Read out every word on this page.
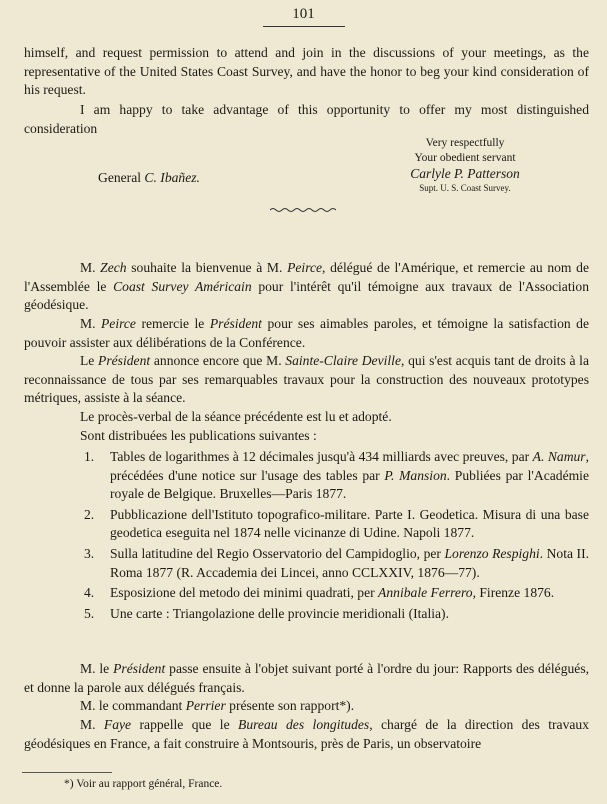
101

himself, and request permission to attend and join in the discussions of your meetings, as the representative of the United States Coast Survey, and have the honor to beg your kind consideration of his request.

I am happy to take advantage of this opportunity to offer my most distinguished consideration

Very respectfully
Your obedient servant
Carlyle P. Patterson
Supt. U. S. Coast Survey.
General C. Ibañez.

M. Zech souhaite la bienvenue à M. Peirce, délégué de l'Amérique, et remercie au nom de l'Assemblée le Coast Survey Américain pour l'intérêt qu'il témoigne aux travaux de l'Association géodésique.

M. Peirce remercie le Président pour ses aimables paroles, et témoigne la satisfaction de pouvoir assister aux délibérations de la Conférence.

Le Président annonce encore que M. Sainte-Claire Deville, qui s'est acquis tant de droits à la reconnaissance de tous par ses remarquables travaux pour la construction des nouveaux prototypes métriques, assiste à la séance.

Le procès-verbal de la séance précédente est lu et adopté.

Sont distribuées les publications suivantes :

1. Tables de logarithmes à 12 décimales jusqu'à 434 milliards avec preuves, par A. Namur, précédées d'une notice sur l'usage des tables par P. Mansion. Publiées par l'Académie royale de Belgique. Bruxelles—Paris 1877.
2. Pubblicazione dell'Istituto topografico-militare. Parte I. Geodetica. Misura di una base geodetica eseguita nel 1874 nelle vicinanze di Udine. Napoli 1877.
3. Sulla latitudine del Regio Osservatorio del Campidoglio, per Lorenzo Respighi. Nota II. Roma 1877 (R. Accademia dei Lincei, anno CCLXXIV, 1876—77).
4. Esposizione del metodo dei minimi quadrati, per Annibale Ferrero, Firenze 1876.
5. Une carte : Triangolazione delle provincie meridionali (Italia).

M. le Président passe ensuite à l'objet suivant porté à l'ordre du jour: Rapports des délégués, et donne la parole aux délégués français.

M. le commandant Perrier présente son rapport*).

M. Faye rappelle que le Bureau des longitudes, chargé de la direction des travaux géodésiques en France, a fait construire à Montsouris, près de Paris, un observatoire

*) Voir au rapport général, France.
